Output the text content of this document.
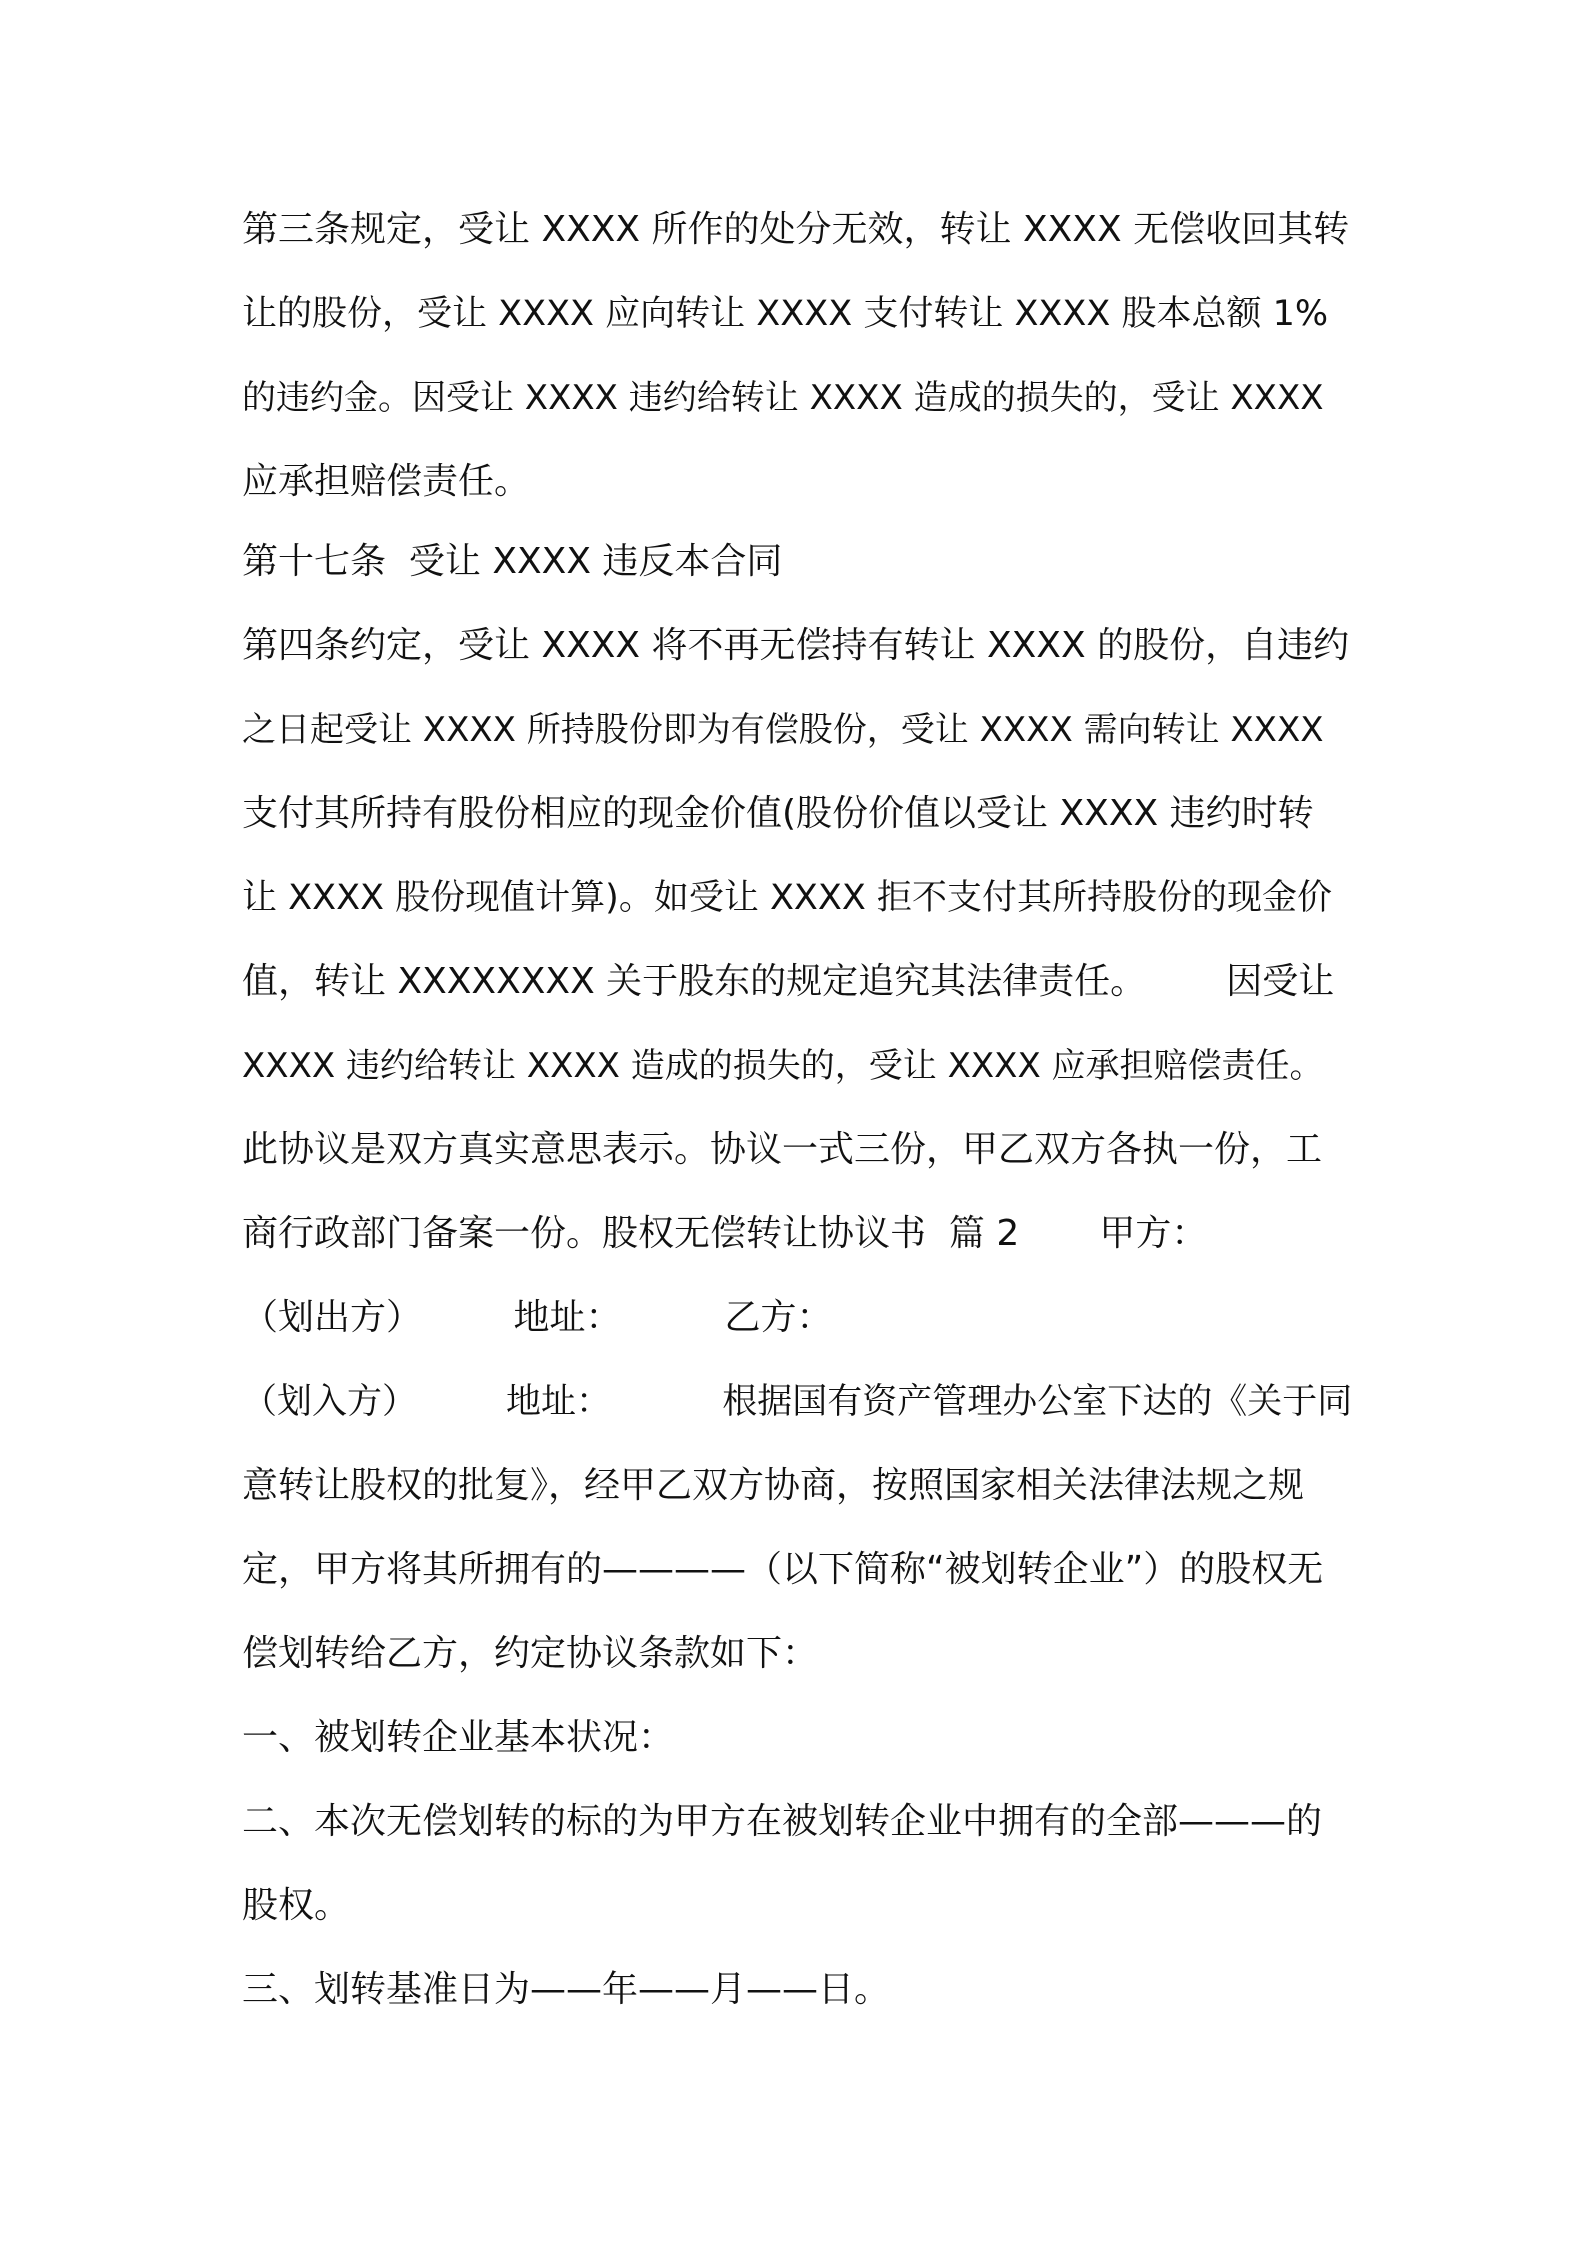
第三条规定，受让 XXXX 所作的处分无效，转让 XXXX 无偿收回其转
让的股份，受让 XXXX 应向转让 XXXX 支付转让 XXXX 股本总额 1%
的违约金。因受让 XXXX 违约给转让 XXXX 造成的损失的，受让 XXXX
应承担赔偿责任。
第十七条  受让 XXXX 违反本合同
第四条约定，受让 XXXX 将不再无偿持有转让 XXXX 的股份，自违约
之日起受让 XXXX 所持股份即为有偿股份，受让 XXXX 需向转让 XXXX
支付其所持有股份相应的现金价值(股份价值以受让 XXXX 违约时转
让 XXXX 股份现值计算)。如受让 XXXX 拒不支付其所持股份的现金价
值，转让 XXXXXXXX 关于股东的规定追究其法律责任。       因受让
XXXX 违约给转让 XXXX 造成的损失的，受让 XXXX 应承担赔偿责任。
此协议是双方真实意思表示。协议一式三份，甲乙双方各执一份，工
商行政部门备案一份。股权无偿转让协议书  篇 2       甲方：
（划出方）        地址：         乙方：
（划入方）        地址：          根据国有资产管理办公室下达的《关于同
意转让股权的批复》，经甲乙双方协商，按照国家相关法律法规之规
定，甲方将其所拥有的————（以下简称“被划转企业”）的股权无
偿划转给乙方，约定协议条款如下：
一、被划转企业基本状况：
二、本次无偿划转的标的为甲方在被划转企业中拥有的全部———的
股权。
三、划转基准日为——年——月——日。
